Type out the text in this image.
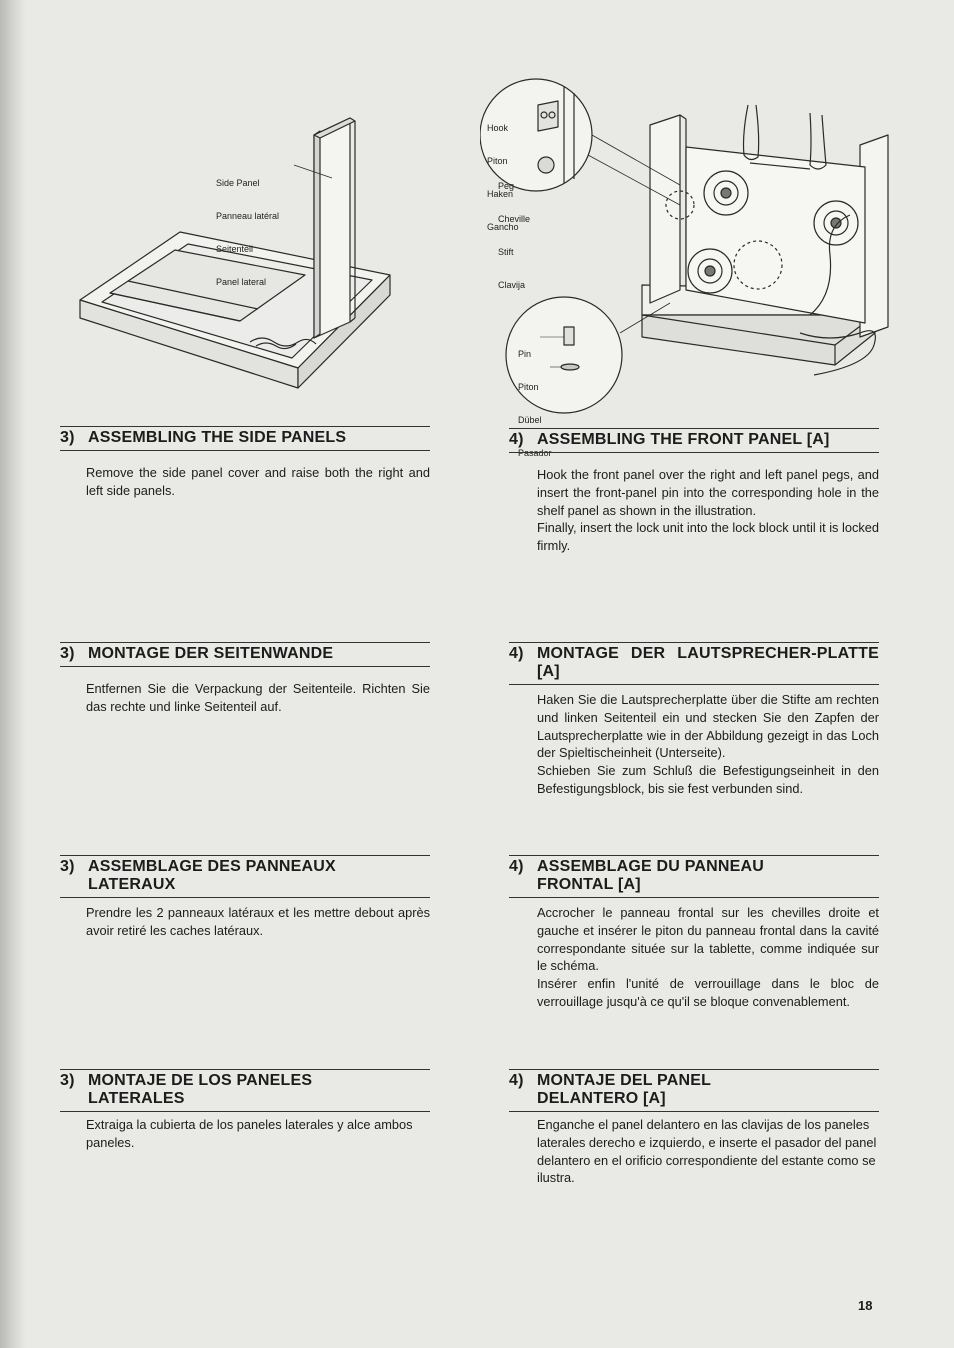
Side Panel

Panneau latéral

Seitenteil

Panel lateral

Hook

Piton

Haken

Gancho

Peg

Cheville

Stift

Clavija

Pin

Piton

Dübel

Pasador

3) ASSEMBLING THE SIDE PANELS

Remove the side panel cover and raise both the right and left side panels.

4) ASSEMBLING THE FRONT PANEL [A]

Hook the front panel over the right and left panel pegs, and insert the front-panel pin into the corresponding hole in the shelf panel as shown in the illustration.

Finally, insert the lock unit into the lock block until it is locked firmly.

3) MONTAGE DER SEITENWANDE

Entfernen Sie die Verpackung der Seitenteile. Richten Sie das rechte und linke Seitenteil auf.

4) MONTAGE DER LAUTSPRECHER-PLATTE [A]

Haken Sie die Lautsprecherplatte über die Stifte am rechten und linken Seitenteil ein und stecken Sie den Zapfen der Lautsprecherplatte wie in der Abbildung gezeigt in das Loch der Spieltischeinheit (Unterseite).

Schieben Sie zum Schluß die Befestigungseinheit in den Befestigungsblock, bis sie fest verbunden sind.

3) ASSEMBLAGE DES PANNEAUX LATERAUX

Prendre les 2 panneaux latéraux et les mettre debout après avoir retiré les caches latéraux.

4) ASSEMBLAGE DU PANNEAU FRONTAL [A]

Accrocher le panneau frontal sur les chevilles droite et gauche et insérer le piton du panneau frontal dans la cavité correspondante située sur la tablette, comme indiquée sur le schéma.

Insérer enfin l'unité de verrouillage dans le bloc de verrouillage jusqu'à ce qu'il se bloque convenablement.

3) MONTAJE DE LOS PANELES LATERALES

Extraiga la cubierta de los paneles laterales y alce ambos paneles.

4) MONTAJE DEL PANEL DELANTERO [A]

Enganche el panel delantero en las clavijas de los paneles laterales derecho e izquierdo, e inserte el pasador del panel delantero en el orificio correspondiente del estante como se ilustra.

18
